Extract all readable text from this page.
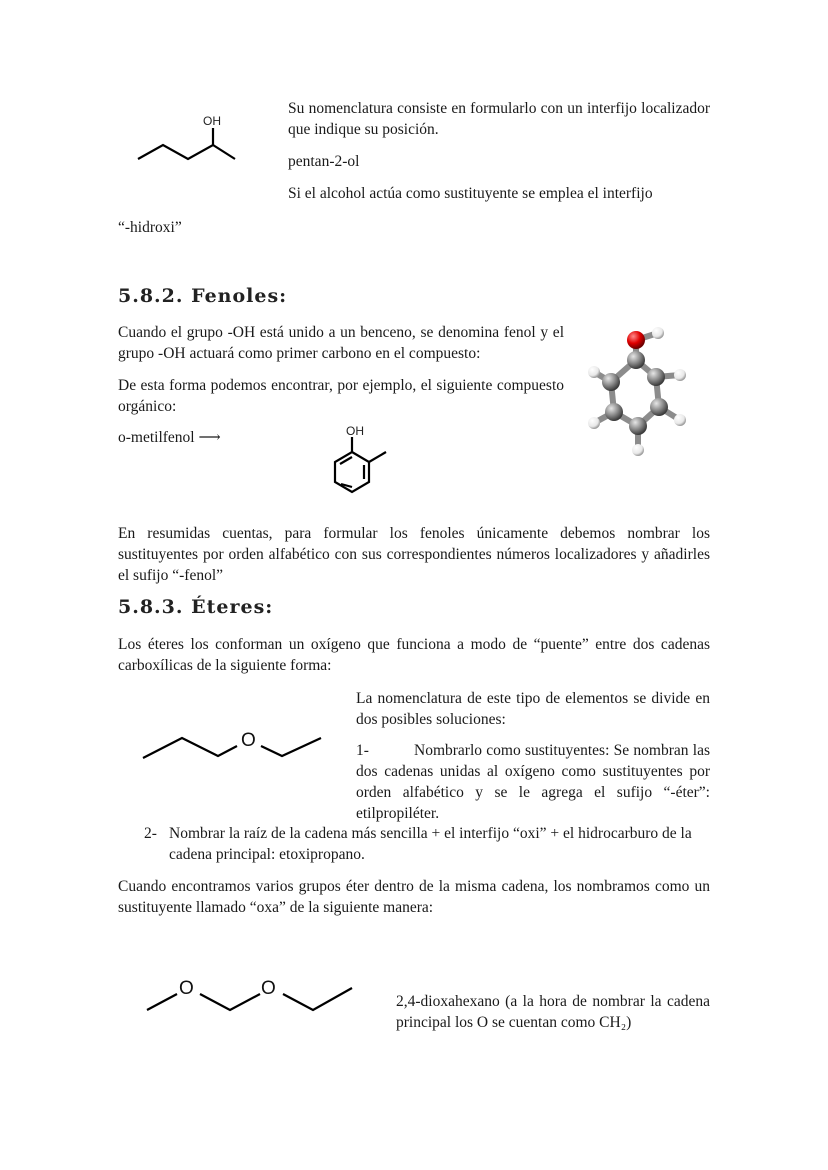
OH

Su nomenclatura consiste en formularlo con un interfijo localizador que indique su posición.

pentan-2-ol

Si el alcohol actúa como sustituyente se emplea el interfijo

“-hidroxi”

5.8.2. Fenoles:

Cuando el grupo -OH está unido a un benceno, se denomina fenol y el grupo -OH actuará como primer carbono en el compuesto:

De esta forma podemos encontrar, por ejemplo, el siguiente compuesto orgánico:

o-metilfenol ⟶	OH

En resumidas cuentas, para formular los fenoles únicamente debemos nombrar los sustituyentes por orden alfabético con sus correspondientes números localizadores y añadirles el sufijo “-fenol”

5.8.3. Éteres:

Los éteres los conforman un oxígeno que funciona a modo de “puente” entre dos cadenas carboxílicas de la siguiente forma:

O

La nomenclatura de este tipo de elementos se divide en dos posibles soluciones:

1-	Nombrarlo como sustituyentes: Se nombran las dos cadenas unidas al oxígeno como sustituyentes por orden alfabético y se le agrega el sufijo “-éter”: etilpropiléter.

2- Nombrar la raíz de la cadena más sencilla + el interfijo “oxi” + el hidrocarburo de la cadena principal: etoxipropano.

Cuando encontramos varios grupos éter dentro de la misma cadena, los nombramos como un sustituyente llamado “oxa” de la siguiente manera:

O	O

2,4-dioxahexano (a la hora de nombrar la cadena principal los O se cuentan como CH₂)
